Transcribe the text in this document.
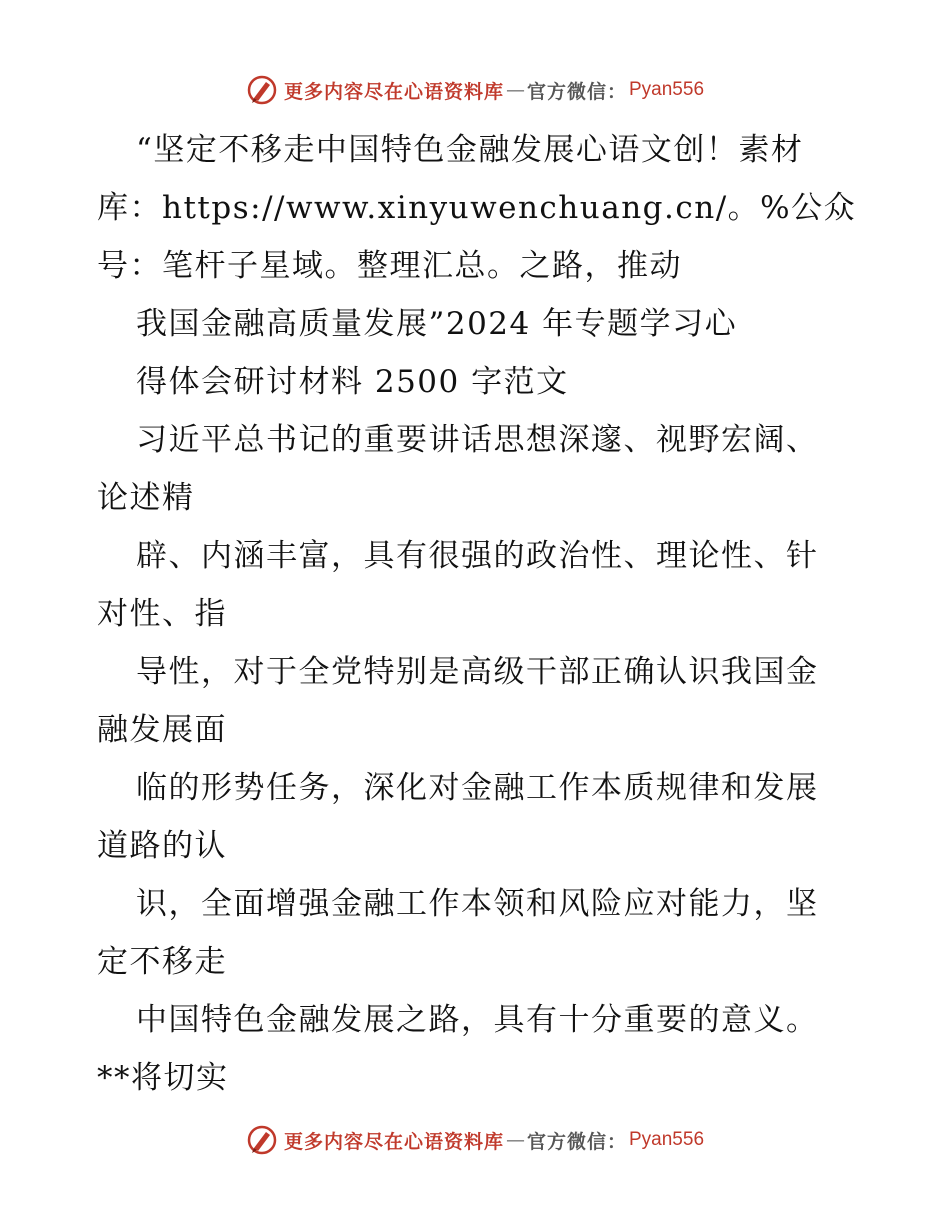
更多内容尽在心语资料库 — 官方微信： Pyan556
“坚定不移走中国特色金融发展心语文创！素材
库：https://www.xinyuwenchuang.cn/。%公众
号：笔杆子星域。整理汇总。之路，推动
我国金融高质量发展”2024 年专题学习心
得体会研讨材料 2500 字范文
习近平总书记的重要讲话思想深邃、视野宏阔、
论述精
辟、内涵丰富，具有很强的政治性、理论性、针
对性、指
导性，对于全党特别是高级干部正确认识我国金
融发展面
临的形势任务，深化对金融工作本质规律和发展
道路的认
识，全面增强金融工作本领和风险应对能力，坚
定不移走
中国特色金融发展之路，具有十分重要的意义。
**将切实
更多内容尽在心语资料库 — 官方微信： Pyan556
